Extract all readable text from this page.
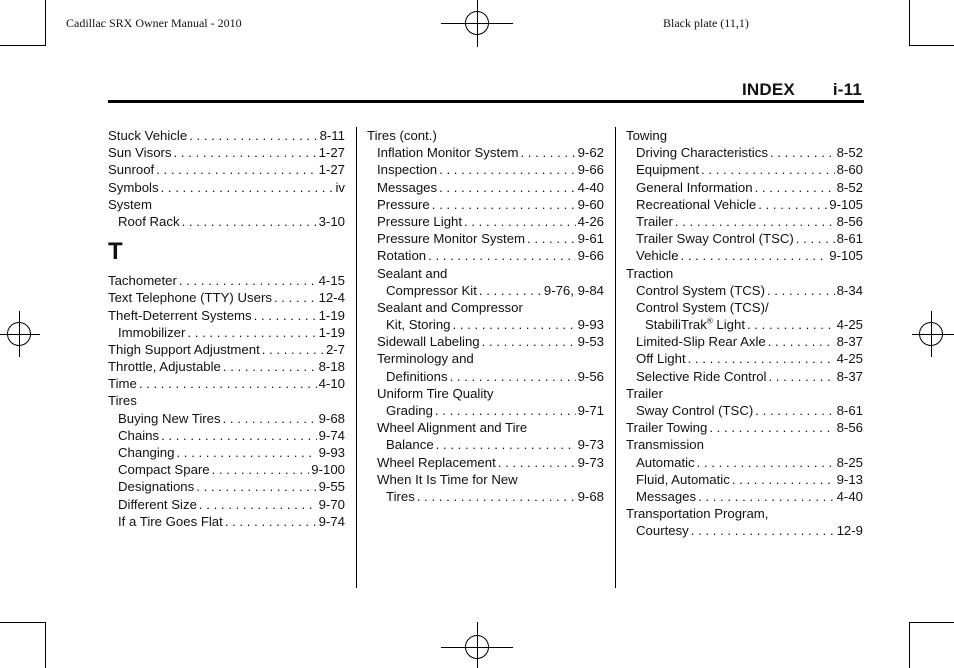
Cadillac SRX Owner Manual - 2010	Black plate (11,1)
INDEX i-11
Stuck Vehicle . . .	8-11
Sun Visors . . .	1-27
Sunroof . . .	1-27
Symbols . . .	iv
System
Roof Rack . . .	3-10
T
Tachometer . . .	4-15
Text Telephone (TTY) Users . . .	12-4
Theft-Deterrent Systems . . .	1-19
Immobilizer . . .	1-19
Thigh Support Adjustment . . .	2-7
Throttle, Adjustable . . .	8-18
Time . . .	4-10
Tires
Buying New Tires . . .	9-68
Chains . . .	9-74
Changing . . .	9-93
Compact Spare . . .	9-100
Designations . . .	9-55
Different Size . . .	9-70
If a Tire Goes Flat . . .	9-74
Tires (cont.)
Inflation Monitor System . . .	9-62
Inspection . . .	9-66
Messages . . .	4-40
Pressure . . .	9-60
Pressure Light . . .	4-26
Pressure Monitor System . . .	9-61
Rotation . . .	9-66
Sealant and
Compressor Kit . . .	9-76, 9-84
Sealant and Compressor
Kit, Storing . . .	9-93
Sidewall Labeling . . .	9-53
Terminology and
Definitions . . .	9-56
Uniform Tire Quality
Grading . . .	9-71
Wheel Alignment and Tire
Balance . . .	9-73
Wheel Replacement . . .	9-73
When It Is Time for New
Tires . . .	9-68
Towing
Driving Characteristics . . .	8-52
Equipment . . .	8-60
General Information . . .	8-52
Recreational Vehicle . . .	9-105
Trailer . . .	8-56
Trailer Sway Control (TSC) . . .	8-61
Vehicle . . .	9-105
Traction
Control System (TCS) . . .	8-34
Control System (TCS)/
StabiliTrak® Light . . .	4-25
Limited-Slip Rear Axle . . .	8-37
Off Light . . .	4-25
Selective Ride Control . . .	8-37
Trailer
Sway Control (TSC) . . .	8-61
Trailer Towing . . .	8-56
Transmission
Automatic . . .	8-25
Fluid, Automatic . . .	9-13
Messages . . .	4-40
Transportation Program,
Courtesy . . .	12-9
